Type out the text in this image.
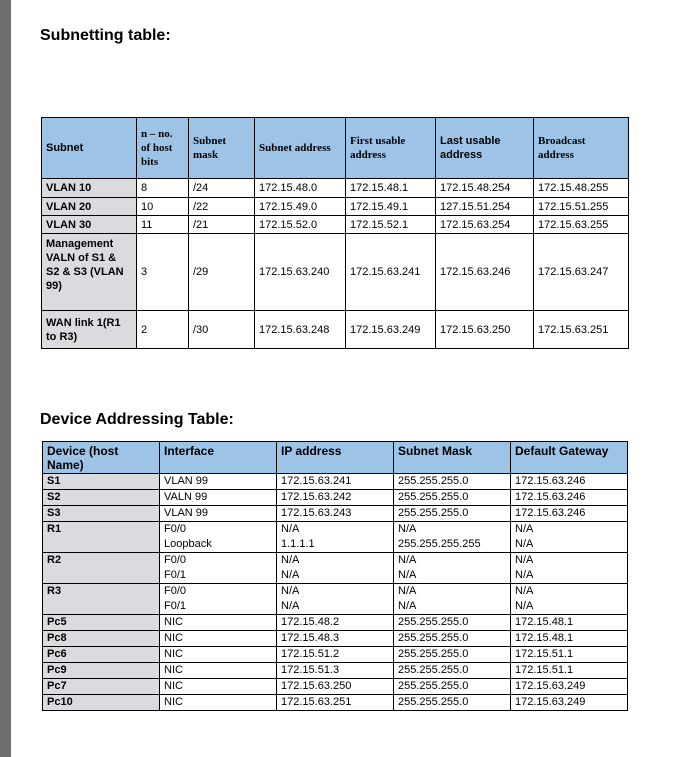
Subnetting table:
Subnet	n – no. of host bits	Subnet mask	Subnet address	First usable address	Last usable address	Broadcast address
VLAN 10	8	/24	172.15.48.0	172.15.48.1	172.15.48.254	172.15.48.255
VLAN 20	10	/22	172.15.49.0	172.15.49.1	127.15.51.254	172.15.51.255
VLAN 30	11	/21	172.15.52.0	172.15.52.1	172.15.63.254	172.15.63.255
Management VALN of S1 & S2 & S3 (VLAN 99)	3	/29	172.15.63.240	172.15.63.241	172.15.63.246	172.15.63.247
WAN link 1(R1 to R3)	2	/30	172.15.63.248	172.15.63.249	172.15.63.250	172.15.63.251
Device Addressing Table:
Device (host Name)	Interface	IP address	Subnet Mask	Default Gateway
S1	VLAN 99	172.15.63.241	255.255.255.0	172.15.63.246
S2	VALN 99	172.15.63.242	255.255.255.0	172.15.63.246
S3	VLAN 99	172.15.63.243	255.255.255.0	172.15.63.246
R1	F0/0	N/A	N/A	N/A
	Loopback	1.1.1.1	255.255.255.255	N/A
R2	F0/0	N/A	N/A	N/A
	F0/1	N/A	N/A	N/A
R3	F0/0	N/A	N/A	N/A
	F0/1	N/A	N/A	N/A
Pc5	NIC	172.15.48.2	255.255.255.0	172.15.48.1
Pc8	NIC	172.15.48.3	255.255.255.0	172.15.48.1
Pc6	NIC	172.15.51.2	255.255.255.0	172.15.51.1
Pc9	NIC	172.15.51.3	255.255.255.0	172.15.51.1
Pc7	NIC	172.15.63.250	255.255.255.0	172.15.63.249
Pc10	NIC	172.15.63.251	255.255.255.0	172.15.63.249
